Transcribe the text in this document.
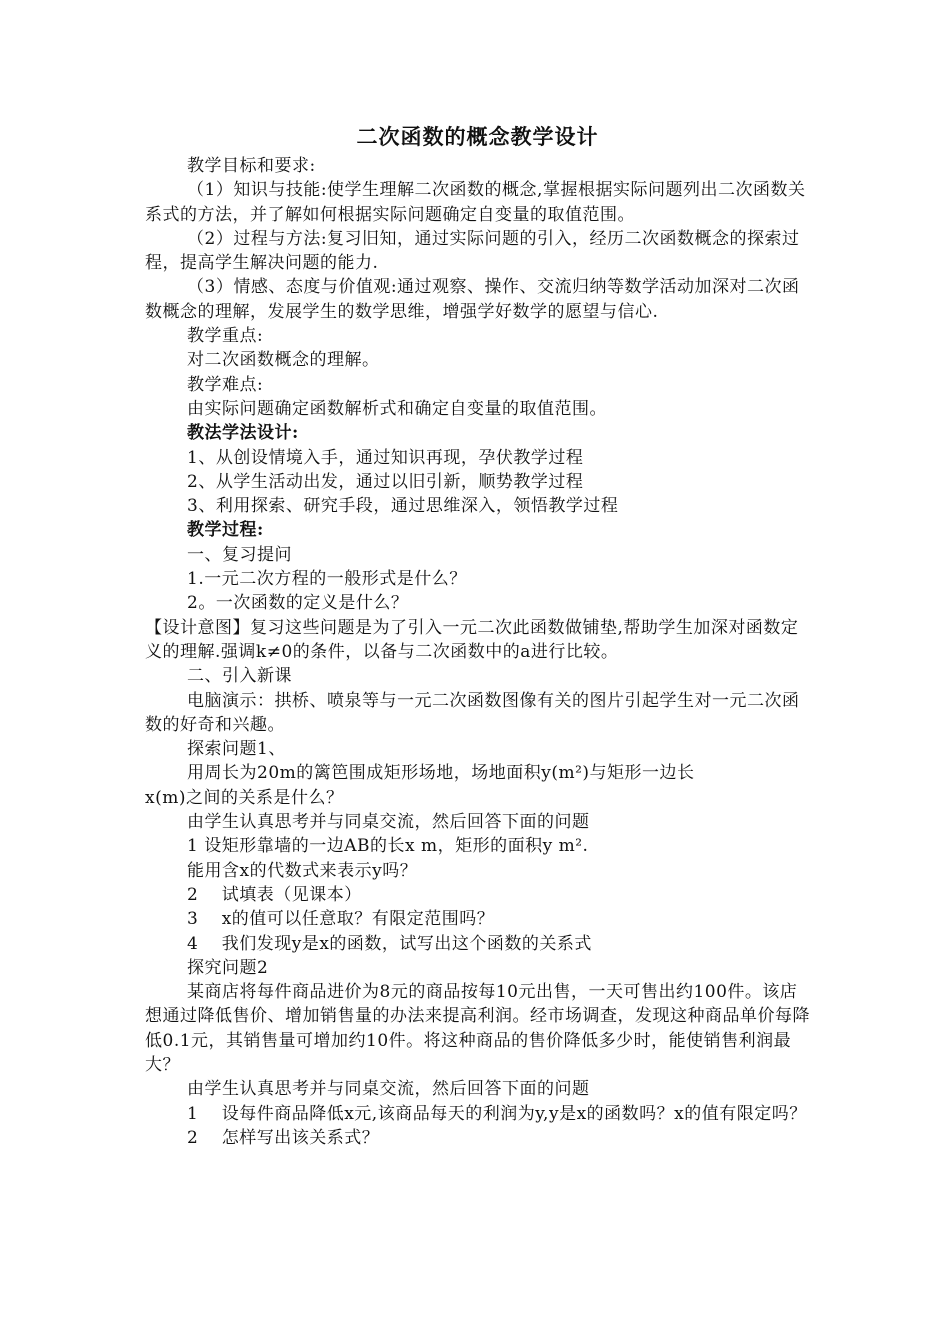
二次函数的概念教学设计

教学目标和要求:

（1）知识与技能:使学生理解二次函数的概念,掌握根据实际问题列出二次函数关系式的方法，并了解如何根据实际问题确定自变量的取值范围。

（2）过程与方法:复习旧知，通过实际问题的引入，经历二次函数概念的探索过程，提高学生解决问题的能力.

（3）情感、态度与价值观:通过观察、操作、交流归纳等数学活动加深对二次函数概念的理解，发展学生的数学思维，增强学好数学的愿望与信心.

教学重点:

对二次函数概念的理解。

教学难点:

由实际问题确定函数解析式和确定自变量的取值范围。

教法学法设计:

1、从创设情境入手，通过知识再现，孕伏教学过程

2、从学生活动出发，通过以旧引新，顺势教学过程

3、利用探索、研究手段，通过思维深入，领悟教学过程

教学过程:

一、复习提问

1.一元二次方程的一般形式是什么？

2。一次函数的定义是什么？

【设计意图】复习这些问题是为了引入一元二次此函数做铺垫,帮助学生加深对函数定义的理解.强调k≠0的条件，以备与二次函数中的a进行比较。

二、引入新课

电脑演示：拱桥、喷泉等与一元二次函数图像有关的图片引起学生对一元二次函数的好奇和兴趣。

探索问题1、

用周长为20m的篱笆围成矩形场地，场地面积y(m²)与矩形一边长

x(m)之间的关系是什么？

由学生认真思考并与同桌交流，然后回答下面的问题

1 设矩形靠墙的一边AB的长x m，矩形的面积y m².

能用含x的代数式来表示y吗？

2　 试填表（见课本）

3　 x的值可以任意取？有限定范围吗？

4　 我们发现y是x的函数，试写出这个函数的关系式

探究问题2

某商店将每件商品进价为8元的商品按每10元出售，一天可售出约100件。该店想通过降低售价、增加销售量的办法来提高利润。经市场调查，发现这种商品单价每降低0.1元，其销售量可增加约10件。将这种商品的售价降低多少时，能使销售利润最大？

由学生认真思考并与同桌交流，然后回答下面的问题

1　 设每件商品降低x元,该商品每天的利润为y,y是x的函数吗？x的值有限定吗？

2　 怎样写出该关系式？
